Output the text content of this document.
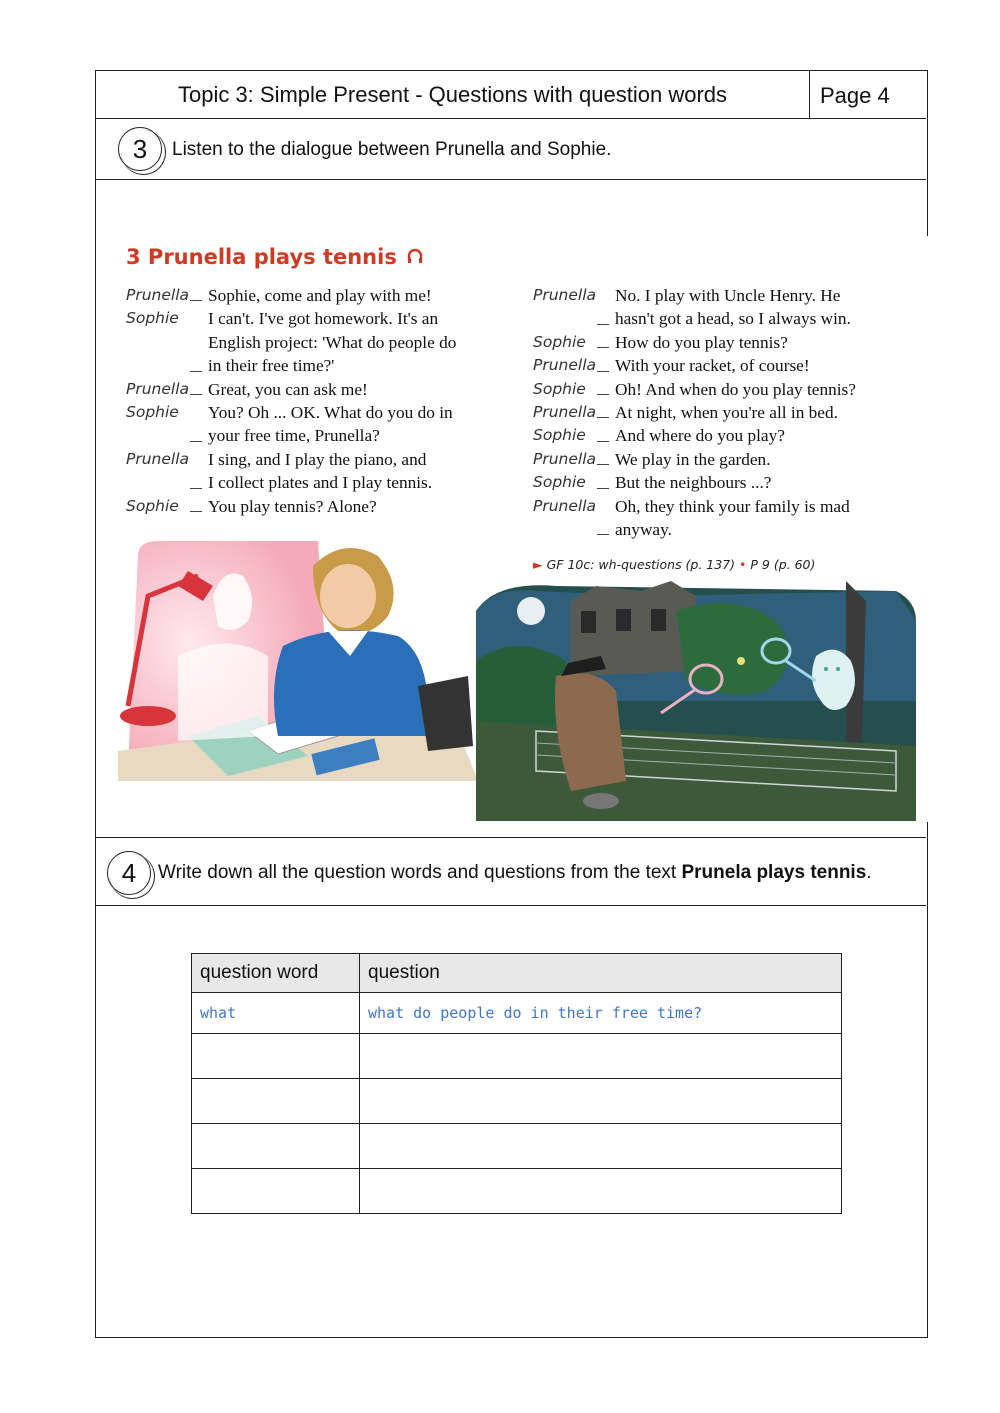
Topic 3: Simple Present - Questions with question words	Page 4
3	Listen to the dialogue between Prunella and Sophie.
4	Write down all the question words and questions from the text Prunela plays tennis.
3 Prunella plays tennis
Prunella	Sophie, come and play with me!
Sophie	I can't. I've got homework. It's an
English project: 'What do people do
in their free time?'
Prunella	Great, you can ask me!
Sophie	You? Oh ... OK. What do you do in
your free time, Prunella?
Prunella	I sing, and I play the piano, and
I collect plates and I play tennis.
Sophie	You play tennis? Alone?
Prunella	No. I play with Uncle Henry. He
hasn't got a head, so I always win.
Sophie	How do you play tennis?
Prunella	With your racket, of course!
Sophie	Oh! And when do you play tennis?
Prunella	At night, when you're all in bed.
Sophie	And where do you play?
Prunella	We play in the garden.
Sophie	But the neighbours ...?
Prunella	Oh, they think your family is mad
anyway.
► GF 10c: wh-questions (p. 137) • P 9 (p. 60)
question word	question
what	what do people do in their free time?
